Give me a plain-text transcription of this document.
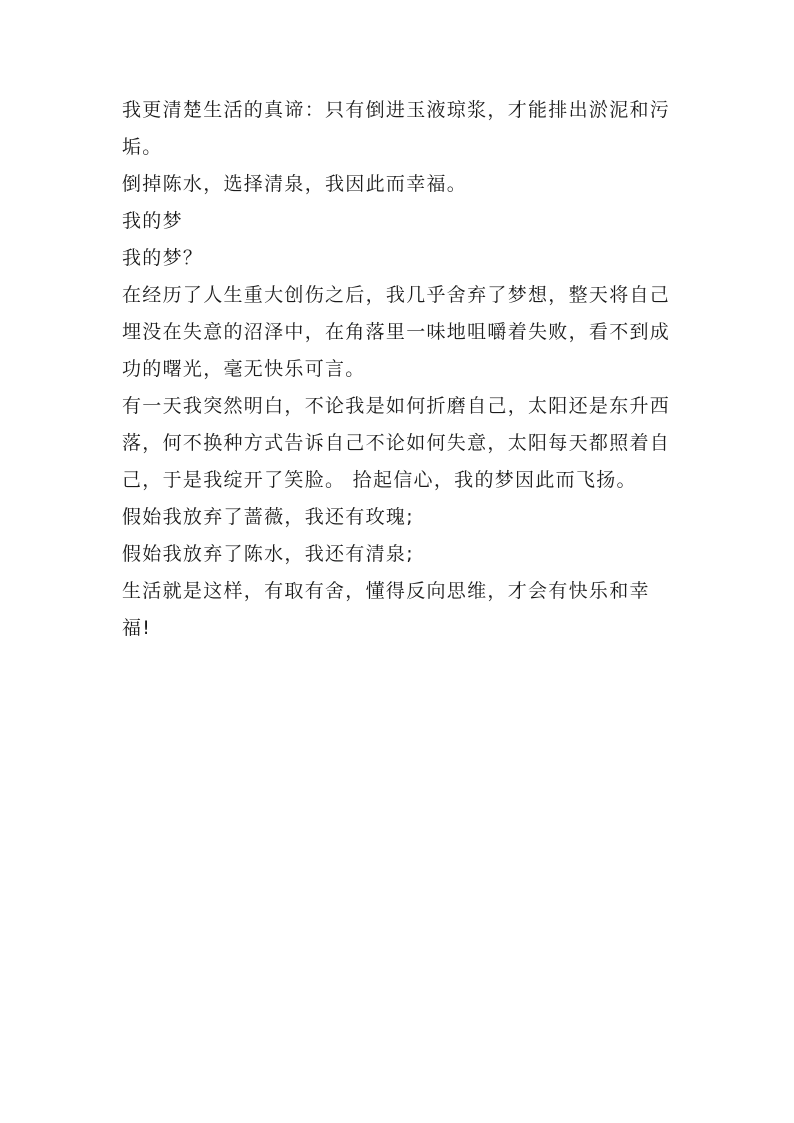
我更清楚生活的真谛：只有倒进玉液琼浆，才能排出淤泥和污垢。

倒掉陈水，选择清泉，我因此而幸福。

我的梦

我的梦？

在经历了人生重大创伤之后，我几乎舍弃了梦想，整天将自己埋没在失意的沼泽中，在角落里一味地咀嚼着失败，看不到成功的曙光，毫无快乐可言。

有一天我突然明白，不论我是如何折磨自己，太阳还是东升西落，何不换种方式告诉自己不论如何失意，太阳每天都照着自己，于是我绽开了笑脸。 拾起信心，我的梦因此而飞扬。

假始我放弃了蔷薇，我还有玫瑰;

假始我放弃了陈水，我还有清泉;

生活就是这样，有取有舍，懂得反向思维，才会有快乐和幸福!
